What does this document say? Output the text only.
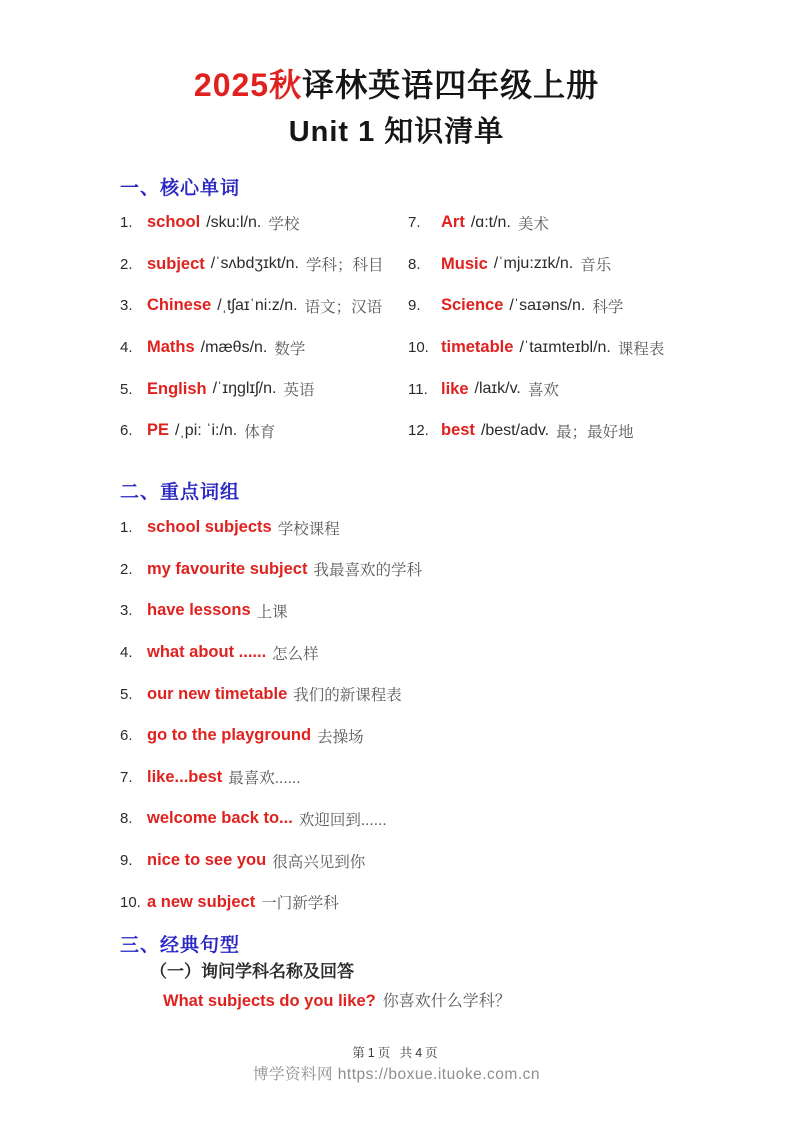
2025秋译林英语四年级上册
Unit 1 知识清单
一、核心单词
1. school /sku:l/n. 学校
2. subject /ˈsʌbdʒɪkt/n. 学科；科目
3. Chinese /ˌtʃaɪˈni:z/n. 语文；汉语
4. Maths /mæθs/n. 数学
5. English /ˈɪŋglɪʃ/n. 英语
6. PE /ˌpi: ˈi:/n. 体育
7.	Art /ɑ:t/n. 美术
8.	Music /ˈmju:zɪk/n. 音乐
9.	Science /ˈsaɪəns/n. 科学
10. timetable /ˈtaɪmteɪbl/n. 课程表
11. like /laɪk/v. 喜欢
12. best /best/adv. 最；最好地
二、重点词组
1. school subjects 学校课程
2. my favourite subject 我最喜欢的学科
3. have lessons 上课
4. what about ...... 怎么样
5. our new timetable 我们的新课程表
6. go to the playground 去操场
7. like...best 最喜欢......
8. welcome back to... 欢迎回到......
9. nice to see you 很高兴见到你
10. a new subject 一门新学科
三、经典句型
（一）询问学科名称及回答
What subjects do you like? 你喜欢什么学科？
第1页 共4页
博学资料网 https://boxue.ituoke.com.cn
